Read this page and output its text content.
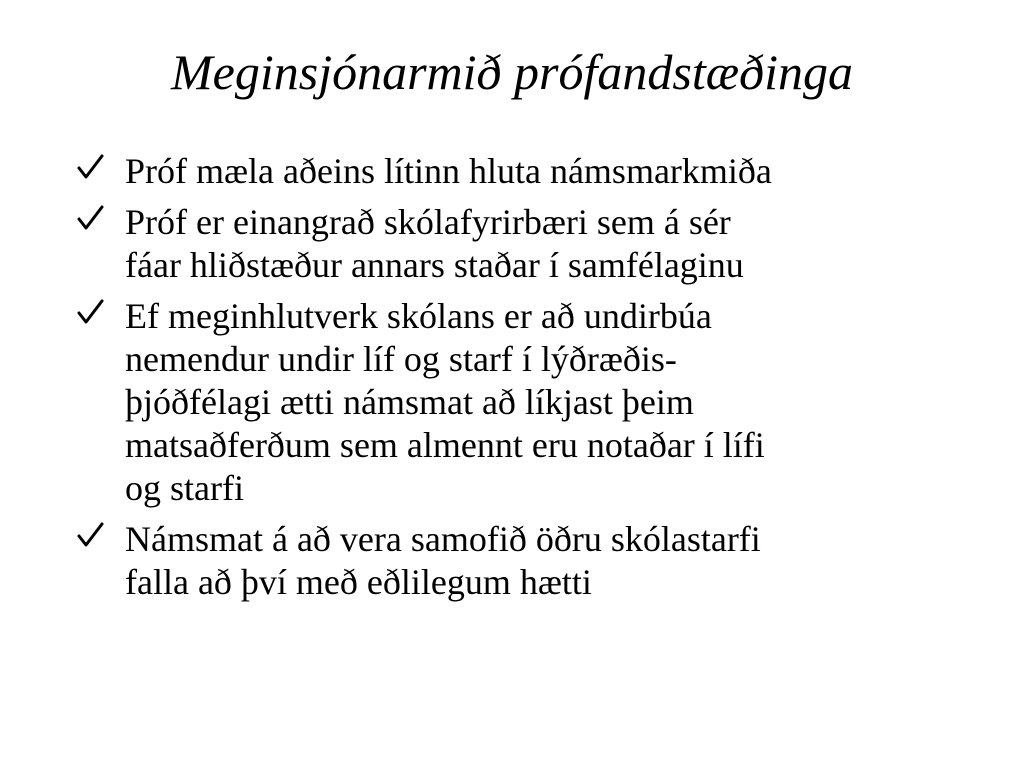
Meginsjónarmið prófandstæðinga
Próf mæla aðeins lítinn hluta námsmarkmiða
Próf er einangrað skólafyrirbæri sem á sér
fáar hliðstæður annars staðar í samfélaginu
Ef meginhlutverk skólans er að undirbúa
nemendur undir líf og starf í lýðræðis-
þjóðfélagi ætti námsmat að líkjast þeim
matsaðferðum sem almennt eru notaðar í lífi
og starfi
Námsmat á að vera samofið öðru skólastarfi
falla að því með eðlilegum hætti
